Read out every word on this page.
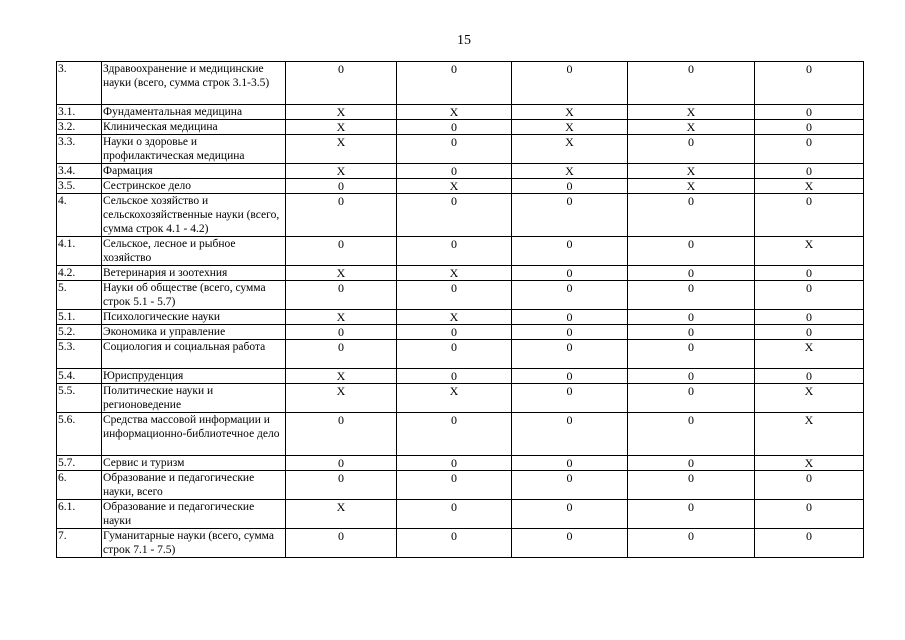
15
3.	Здравоохранение и медицинские науки (всего, сумма строк 3.1-3.5)	0	0	0	0	0
3.1.	Фундаментальная медицина	X	X	X	X	0
3.2.	Клиническая медицина	X	0	X	X	0
3.3.	Науки о здоровье и профилактическая медицина	X	0	X	0	0
3.4.	Фармация	X	0	X	X	0
3.5.	Сестринское дело	0	X	0	X	X
4.	Сельское хозяйство и сельскохозяйственные науки (всего, сумма строк 4.1 - 4.2)	0	0	0	0	0
4.1.	Сельское, лесное и рыбное хозяйство	0	0	0	0	X
4.2.	Ветеринария и зоотехния	X	X	0	0	0
5.	Науки об обществе (всего, сумма строк 5.1 - 5.7)	0	0	0	0	0
5.1.	Психологические науки	X	X	0	0	0
5.2.	Экономика и управление	0	0	0	0	0
5.3.	Социология и социальная работа	0	0	0	0	X
5.4.	Юриспруденция	X	0	0	0	0
5.5.	Политические науки и регионоведение	X	X	0	0	X
5.6.	Средства массовой информации и информационно-библиотечное дело	0	0	0	0	X
5.7.	Сервис и туризм	0	0	0	0	X
6.	Образование и педагогические науки, всего	0	0	0	0	0
6.1.	Образование и педагогические науки	X	0	0	0	0
7.	Гуманитарные науки (всего, сумма строк 7.1 - 7.5)	0	0	0	0	0
